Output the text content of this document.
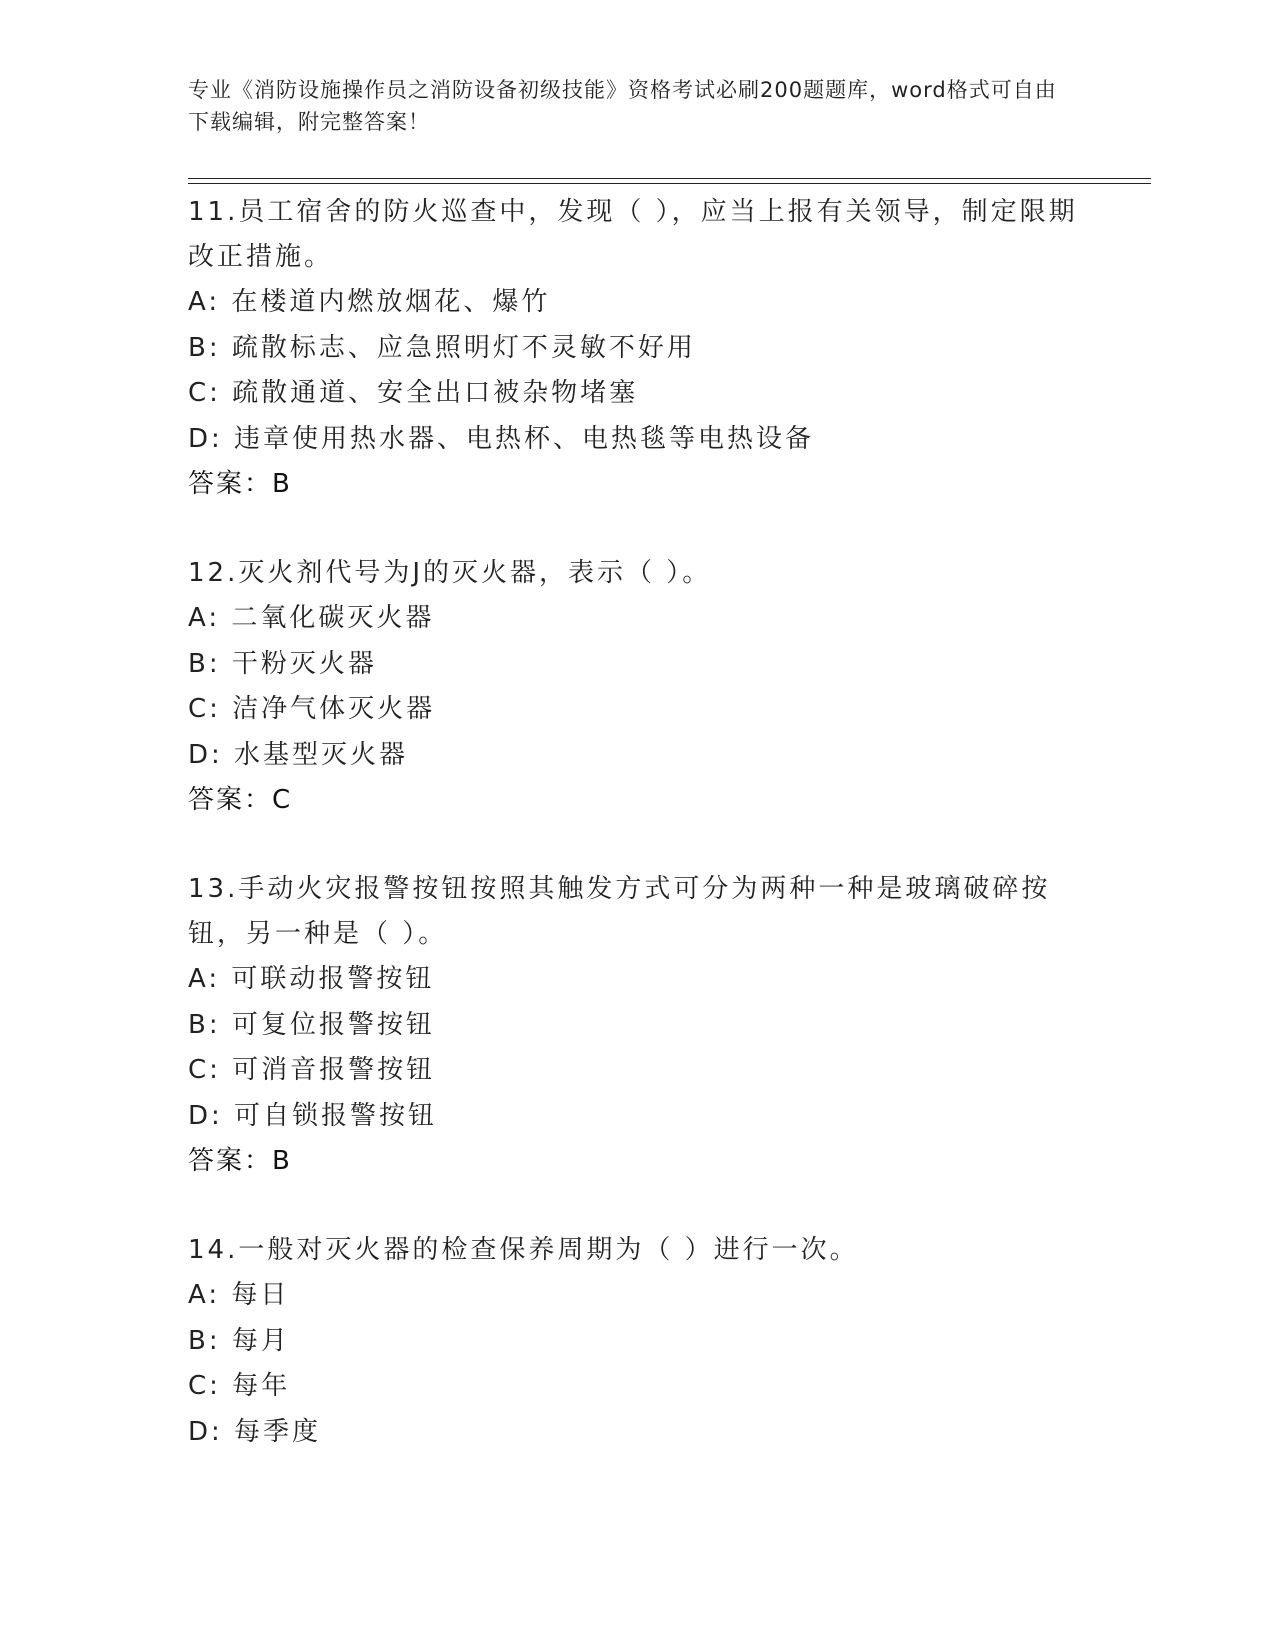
专业《消防设施操作员之消防设备初级技能》资格考试必刷200题题库，word格式可自由下载编辑，附完整答案！
11.员工宿舍的防火巡查中，发现（ ），应当上报有关领导，制定限期改正措施。
A: 在楼道内燃放烟花、爆竹
B: 疏散标志、应急照明灯不灵敏不好用
C: 疏散通道、安全出口被杂物堵塞
D: 违章使用热水器、电热杯、电热毯等电热设备
答案：B
12.灭火剂代号为J的灭火器，表示（ ）。
A: 二氧化碳灭火器
B: 干粉灭火器
C: 洁净气体灭火器
D: 水基型灭火器
答案：C
13.手动火灾报警按钮按照其触发方式可分为两种一种是玻璃破碎按钮，另一种是（ ）。
A: 可联动报警按钮
B: 可复位报警按钮
C: 可消音报警按钮
D: 可自锁报警按钮
答案：B
14.一般对灭火器的检查保养周期为（ ）进行一次。
A: 每日
B: 每月
C: 每年
D: 每季度
